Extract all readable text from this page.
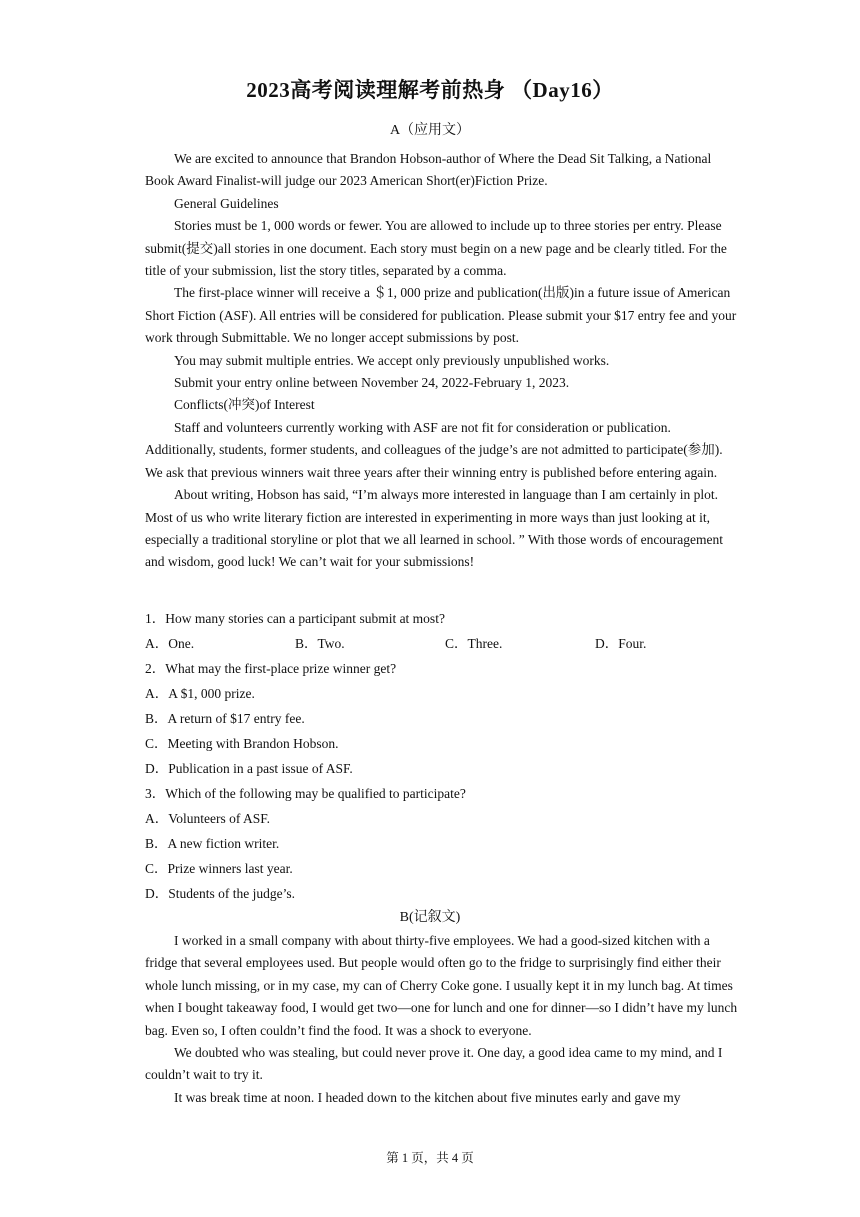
2023高考阅读理解考前热身 （Day16）
A（应用文）

We are excited to announce that Brandon Hobson-author of Where the Dead Sit Talking, a National Book Award Finalist-will judge our 2023 American Short(er)Fiction Prize.

General Guidelines

Stories must be 1, 000 words or fewer. You are allowed to include up to three stories per entry. Please submit(提交)all stories in one document. Each story must begin on a new page and be clearly titled. For the title of your submission, list the story titles, separated by a comma.

The first-place winner will receive a ＄1, 000 prize and publication(出版)in a future issue of American Short Fiction (ASF). All entries will be considered for publication. Please submit your $17 entry fee and your work through Submittable. We no longer accept submissions by post.

You may submit multiple entries. We accept only previously unpublished works.

Submit your entry online between November 24, 2022-February 1, 2023.

Conflicts(冲突)of Interest

Staff and volunteers currently working with ASF are not fit for consideration or publication. Additionally, students, former students, and colleagues of the judge’s are not admitted to participate(参加). We ask that previous winners wait three years after their winning entry is published before entering again.

About writing, Hobson has said, “I’m always more interested in language than I am certainly in plot. Most of us who write literary fiction are interested in experimenting in more ways than just looking at it, especially a traditional storyline or plot that we all learned in school. ” With those words of encouragement and wisdom, good luck! We can’t wait for your submissions!

1．How many stories can a participant submit at most?
A．One.	B．Two.	C．Three.	D．Four.
2．What may the first-place prize winner get?
A．A $1, 000 prize.
B．A return of $17 entry fee.
C．Meeting with Brandon Hobson.
D．Publication in a past issue of ASF.
3．Which of the following may be qualified to participate?
A．Volunteers of ASF.
B．A new fiction writer.
C．Prize winners last year.
D．Students of the judge’s.
B(记叙文)

I worked in a small company with about thirty-five employees. We had a good-sized kitchen with a fridge that several employees used. But people would often go to the fridge to surprisingly find either their whole lunch missing, or in my case, my can of Cherry Coke gone. I usually kept it in my lunch bag. At times when I bought takeaway food, I would get two—one for lunch and one for dinner—so I didn’t have my lunch bag. Even so, I often couldn’t find the food. It was a shock to everyone.

We doubted who was stealing, but could never prove it. One day, a good idea came to my mind, and I couldn’t wait to try it.

It was break time at noon. I headed down to the kitchen about five minutes early and gave my

第 1 页，共 4 页
